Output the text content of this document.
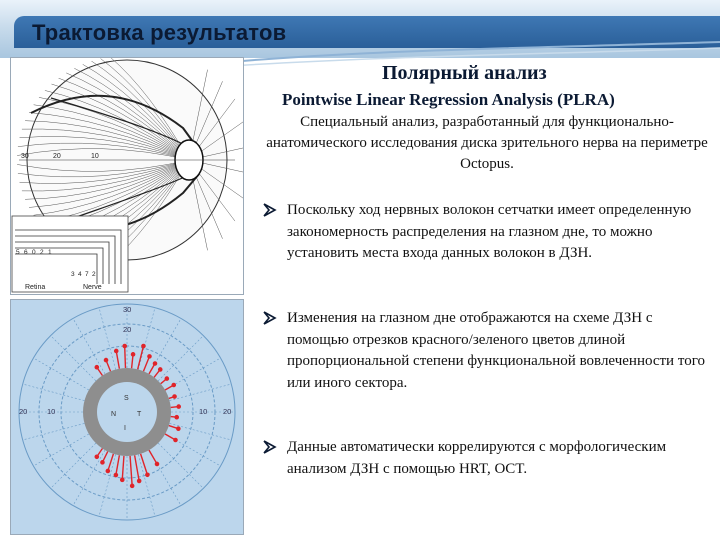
Трактовка результатов
30	20	10
5 6 0 2 1
3 4 7 2
Retina	Nerve
20	10	10 20
30
20
S
N	T
I
Полярный анализ
Pointwise Linear Regression Analysis (PLRA)
Специальный анализ, разработанный для функционально-анатомического исследования диска зрительного нерва на периметре Octopus.
Поскольку ход нервных волокон сетчатки имеет определенную закономерность распределения на глазном дне, то можно установить места входа данных волокон в ДЗН.
Изменения на глазном дне отображаются на схеме ДЗН с помощью отрезков красного/зеленого цветов длиной пропорциональной степени функциональной вовлеченности того или иного сектора.
Данные автоматически коррелируются с морфологическим анализом ДЗН с помощью HRT, OCT.
